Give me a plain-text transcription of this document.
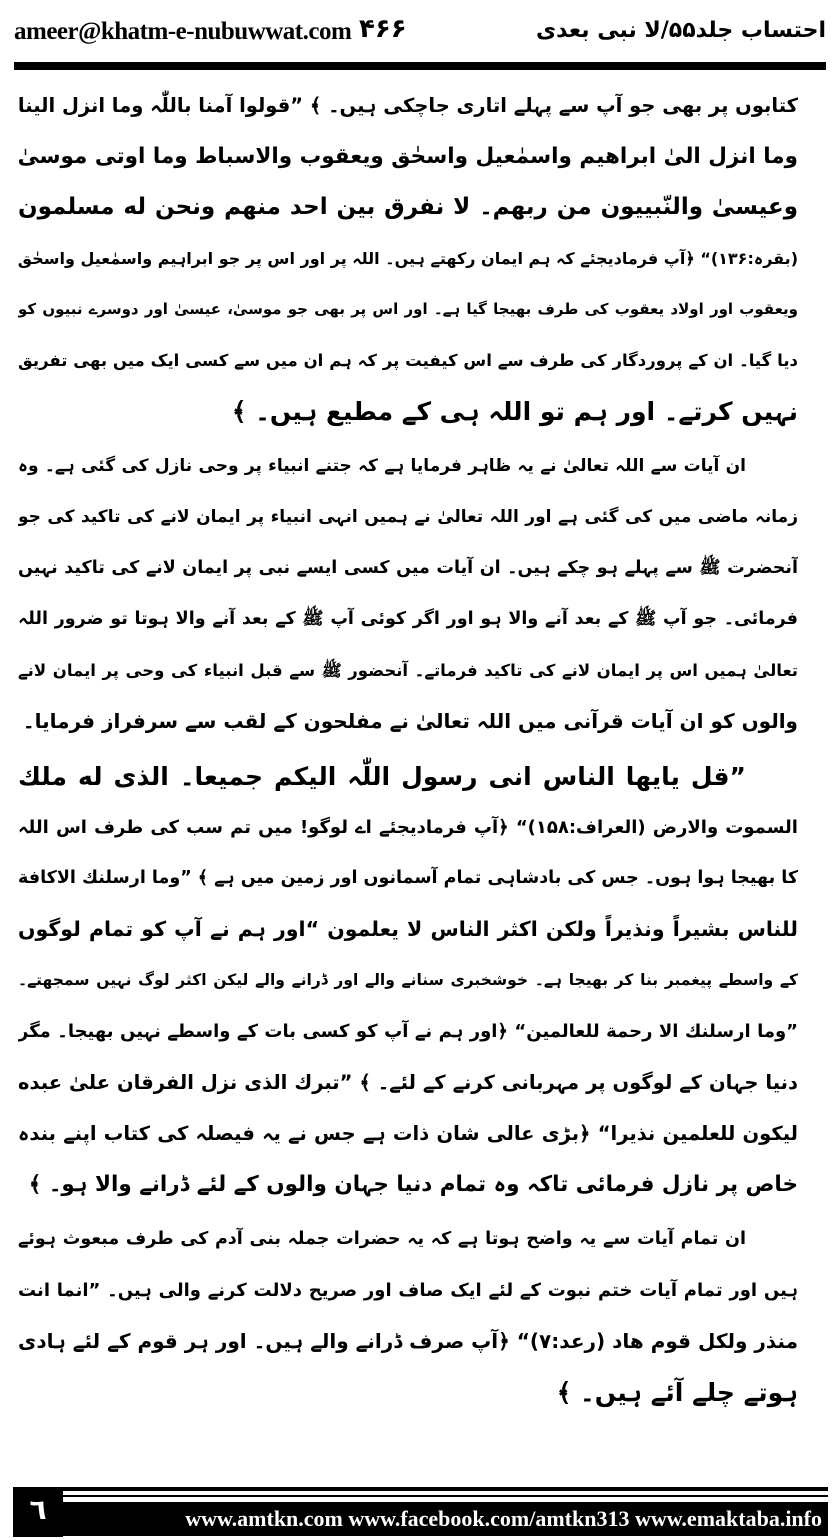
ameer@khatm-e-nubuwwat.com ۴۶۶	احتساب جلد۵۵/لا نبی بعدی
کتابوں پر بھی جو آپ سے پہلے اتاری جاچکی ہیں۔ ﴾ ”قولوا آمنا باللّٰہ وما انزل الینا
وما انزل الیٰ ابراھیم واسمٰعیل واسحٰق ویعقوب والاسباط وما اوتی موسیٰ
وعیسیٰ والنّبییون من ربھم۔ لا نفرق بین احد منھم ونحن له مسلمون
(بقرہ:۱۳۶)“ ﴿آپ فرمادیجئے کہ ہم ایمان رکھتے ہیں۔ اللہ پر اور اس پر جو ابراہیم واسمٰعیل واسحٰق
ویعقوب اور اولاد یعقوب کی طرف بھیجا گیا ہے۔ اور اس پر بھی جو موسیٰ، عیسیٰ اور دوسرے نبیوں کو
دیا گیا۔ ان کے پروردگار کی طرف سے اس کیفیت پر کہ ہم ان میں سے کسی ایک میں بھی تفریق
نہیں کرتے۔ اور ہم تو اللہ ہی کے مطیع ہیں۔ ﴾
ان آیات سے اللہ تعالیٰ نے یہ ظاہر فرمایا ہے کہ جتنے انبیاء پر وحی نازل کی گئی ہے۔ وہ
زمانہ ماضی میں کی گئی ہے اور اللہ تعالیٰ نے ہمیں انہی انبیاء پر ایمان لانے کی تاکید کی جو
آنحضرت ﷺ سے پہلے ہو چکے ہیں۔ ان آیات میں کسی ایسے نبی پر ایمان لانے کی تاکید نہیں
فرمائی۔ جو آپ ﷺ کے بعد آنے والا ہو اور اگر کوئی آپ ﷺ کے بعد آنے والا ہوتا تو ضرور اللہ
تعالیٰ ہمیں اس پر ایمان لانے کی تاکید فرماتے۔ آنحضور ﷺ سے قبل انبیاء کی وحی پر ایمان لانے
والوں کو ان آیات قرآنی میں اللہ تعالیٰ نے مفلحون کے لقب سے سرفراز فرمایا۔
”قل یایھا الناس انی رسول اللّٰہ الیکم جمیعا۔ الذی له ملك
السموت والارض (العراف:۱۵۸)“ ﴿آپ فرمادیجئے اے لوگو! میں تم سب کی طرف اس اللہ
کا بھیجا ہوا ہوں۔ جس کی بادشاہی تمام آسمانوں اور زمین میں ہے ﴾ ”وما ارسلنك الاکافة
للناس بشیراً ونذیراً ولکن اکثر الناس لا یعلمون “اور ہم نے آپ کو تمام لوگوں
کے واسطے پیغمبر بنا کر بھیجا ہے۔ خوشخبری سنانے والے اور ڈرانے والے لیکن اکثر لوگ نہیں سمجھتے۔
”وما ارسلنك الا رحمة للعالمین“ ﴿اور ہم نے آپ کو کسی بات کے واسطے نہیں بھیجا۔ مگر
دنیا جہان کے لوگوں پر مہربانی کرنے کے لئے۔ ﴾ ”تبرك الذی نزل الفرقان علیٰ عبده
لیکون للعلمین نذیرا“ ﴿بڑی عالی شان ذات ہے جس نے یہ فیصلہ کی کتاب اپنے بندہ
خاص پر نازل فرمائی تاکہ وہ تمام دنیا جہان والوں کے لئے ڈرانے والا ہو۔ ﴾
ان تمام آیات سے یہ واضح ہوتا ہے کہ یہ حضرات جملہ بنی آدم کی طرف مبعوث ہوئے
ہیں اور تمام آیات ختم نبوت کے لئے ایک صاف اور صریح دلالت کرنے والی ہیں۔ ”انما انت
منذر ولکل قوم ھاد (رعد:۷)“ ﴿آپ صرف ڈرانے والے ہیں۔ اور ہر قوم کے لئے ہادی
ہوتے چلے آئے ہیں۔ ﴾
٦	www.amtkn.com www.facebook.com/amtkn313 www.emaktaba.info
